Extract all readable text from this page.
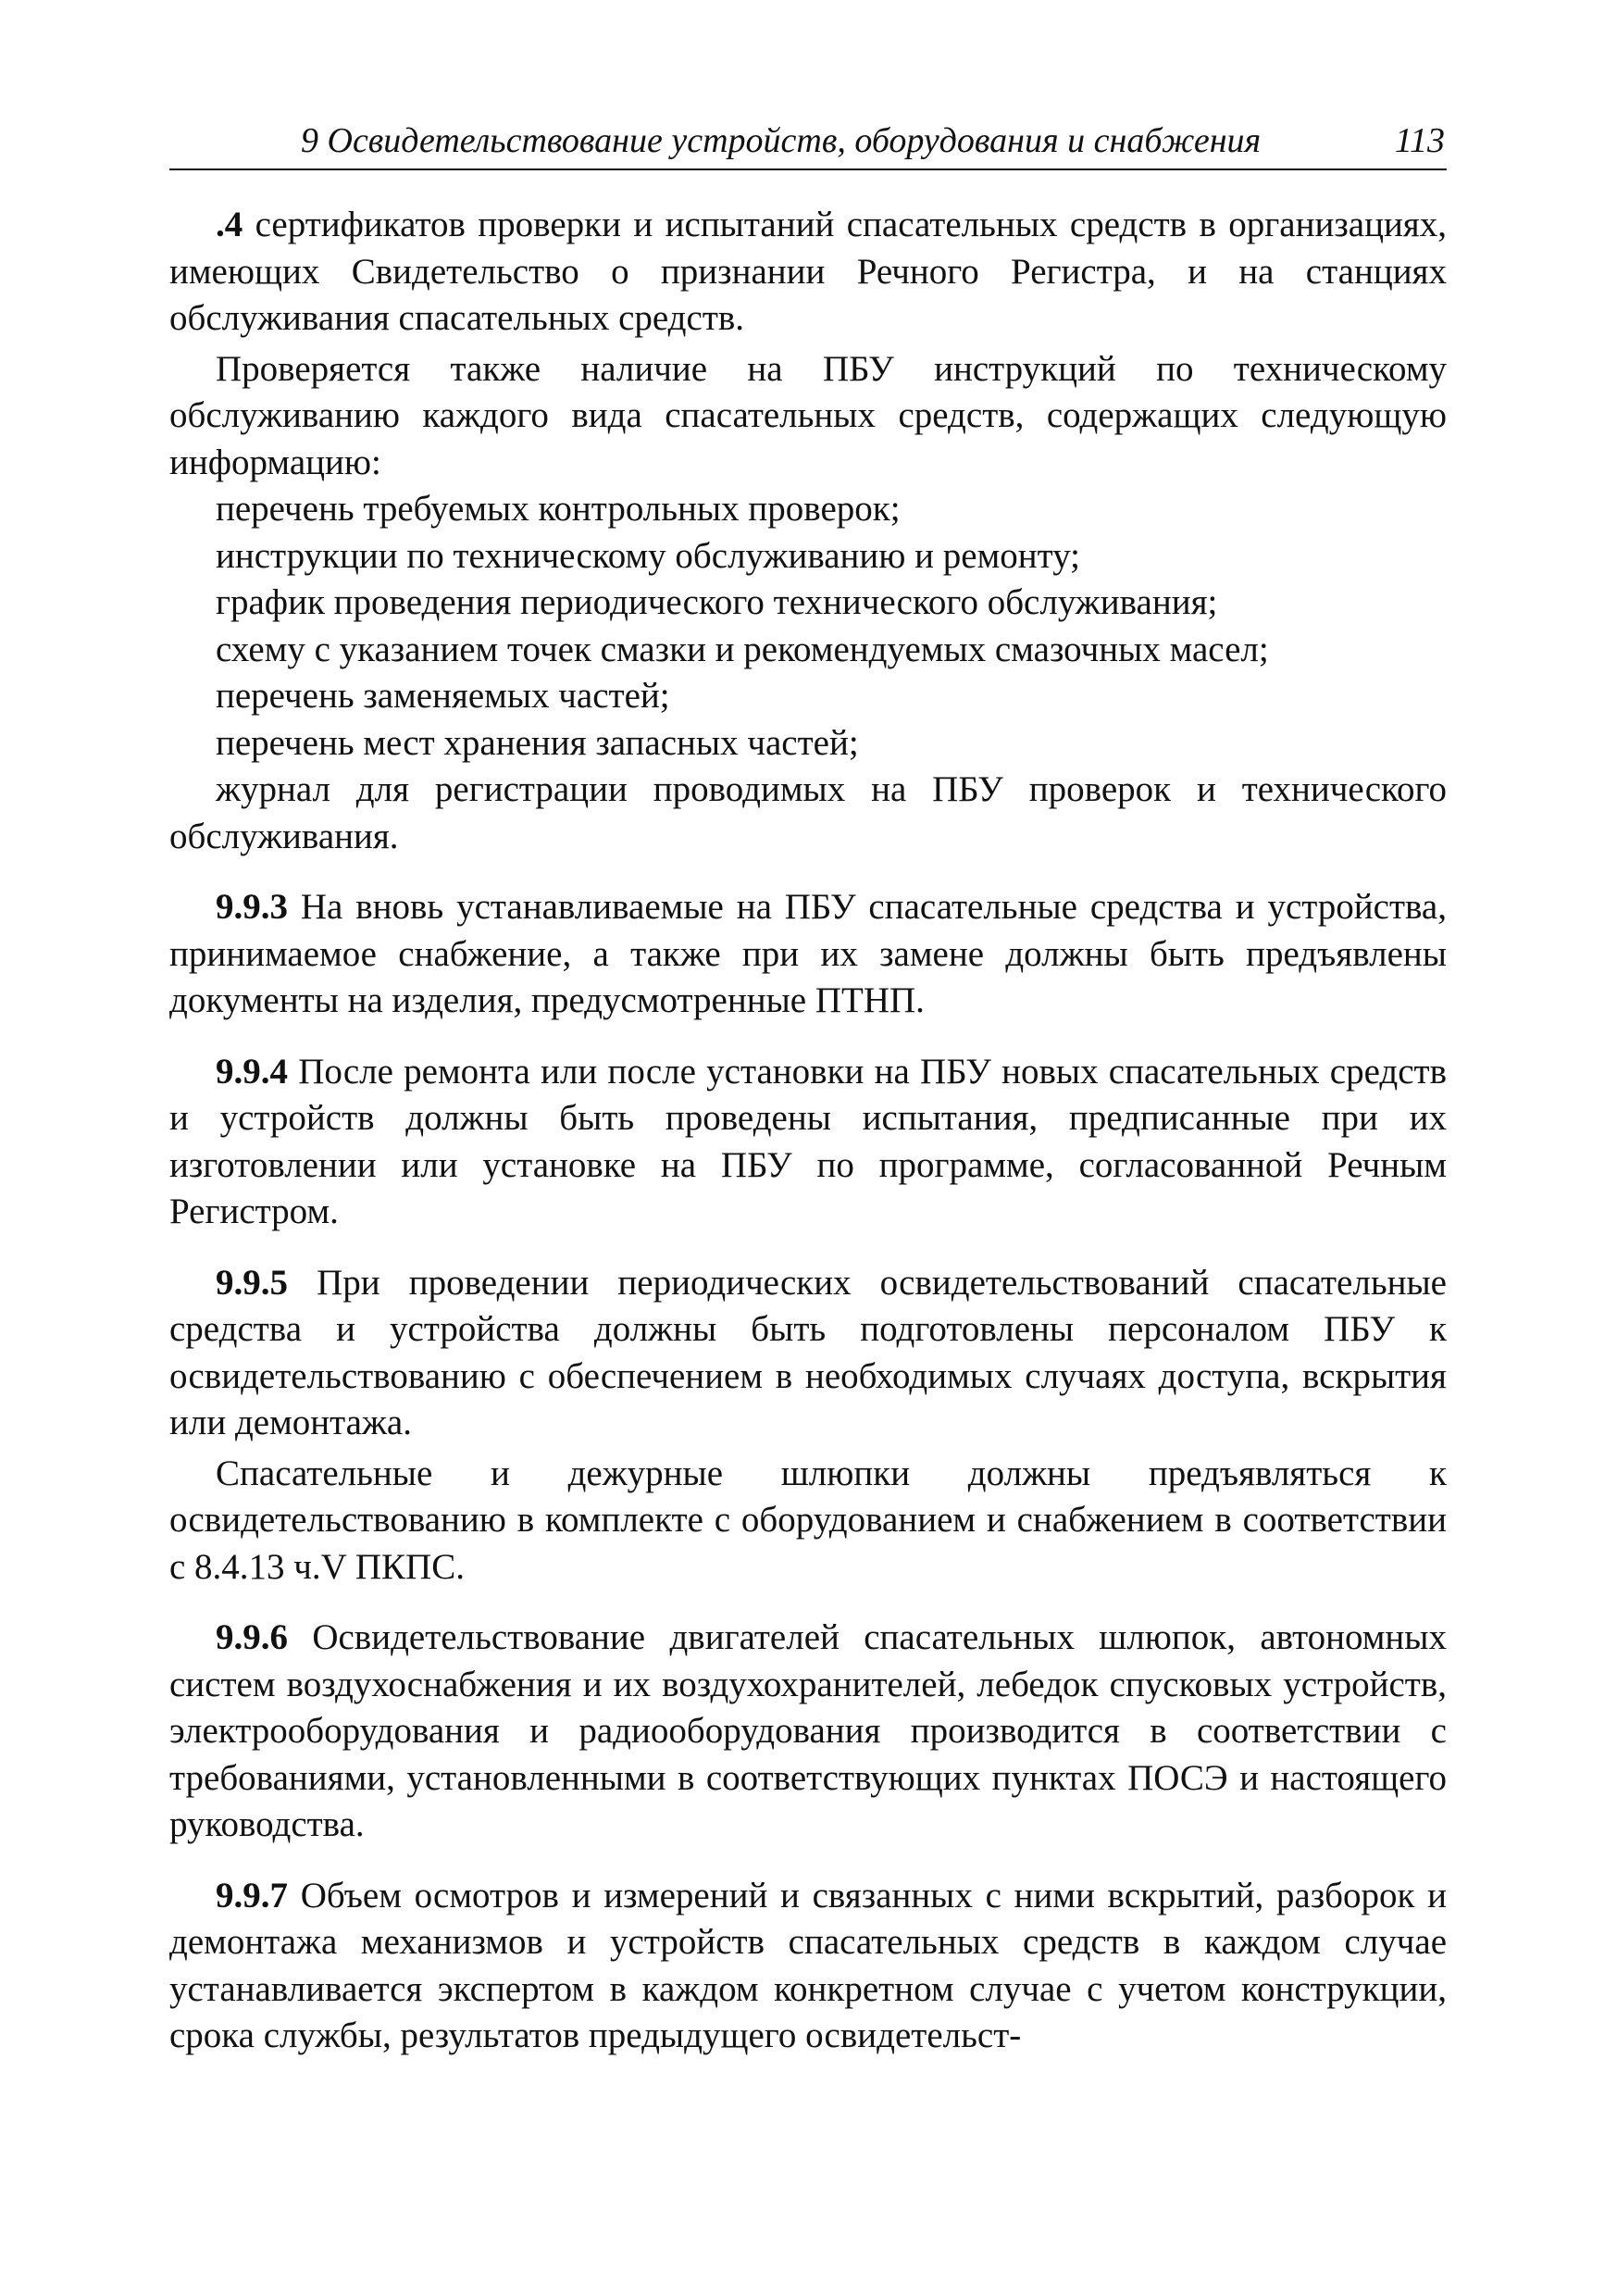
9 Освидетельствование устройств, оборудования и снабжения	113

.4 сертификатов проверки и испытаний спасательных средств в организациях, имеющих Свидетельство о признании Речного Регистра, и на станциях обслуживания спасательных средств.

Проверяется также наличие на ПБУ инструкций по техническому обслуживанию каждого вида спасательных средств, содержащих следующую информацию:

перечень требуемых контрольных проверок;

инструкции по техническому обслуживанию и ремонту;

график проведения периодического технического обслуживания;

схему с указанием точек смазки и рекомендуемых смазочных масел;

перечень заменяемых частей;

перечень мест хранения запасных частей;

журнал для регистрации проводимых на ПБУ проверок и технического обслуживания.

9.9.3 На вновь устанавливаемые на ПБУ спасательные средства и устройства, принимаемое снабжение, а также при их замене должны быть предъявлены документы на изделия, предусмотренные ПТНП.

9.9.4 После ремонта или после установки на ПБУ новых спасательных средств и устройств должны быть проведены испытания, предписанные при их изготовлении или установке на ПБУ по программе, согласованной Речным Регистром.

9.9.5 При проведении периодических освидетельствований спасательные средства и устройства должны быть подготовлены персоналом ПБУ к освидетельствованию с обеспечением в необходимых случаях доступа, вскрытия или демонтажа.

Спасательные и дежурные шлюпки должны предъявляться к освидетельствованию в комплекте с оборудованием и снабжением в соответствии с 8.4.13 ч.V ПКПС.

9.9.6 Освидетельствование двигателей спасательных шлюпок, автономных систем воздухоснабжения и их воздухохранителей, лебедок спусковых устройств, электрооборудования и радиооборудования производится в соответствии с требованиями, установленными в соответствующих пунктах ПОСЭ и настоящего руководства.

9.9.7 Объем осмотров и измерений и связанных с ними вскрытий, разборок и демонтажа механизмов и устройств спасательных средств в каждом случае устанавливается экспертом в каждом конкретном случае с учетом конструкции, срока службы, результатов предыдущего освидетельст-
